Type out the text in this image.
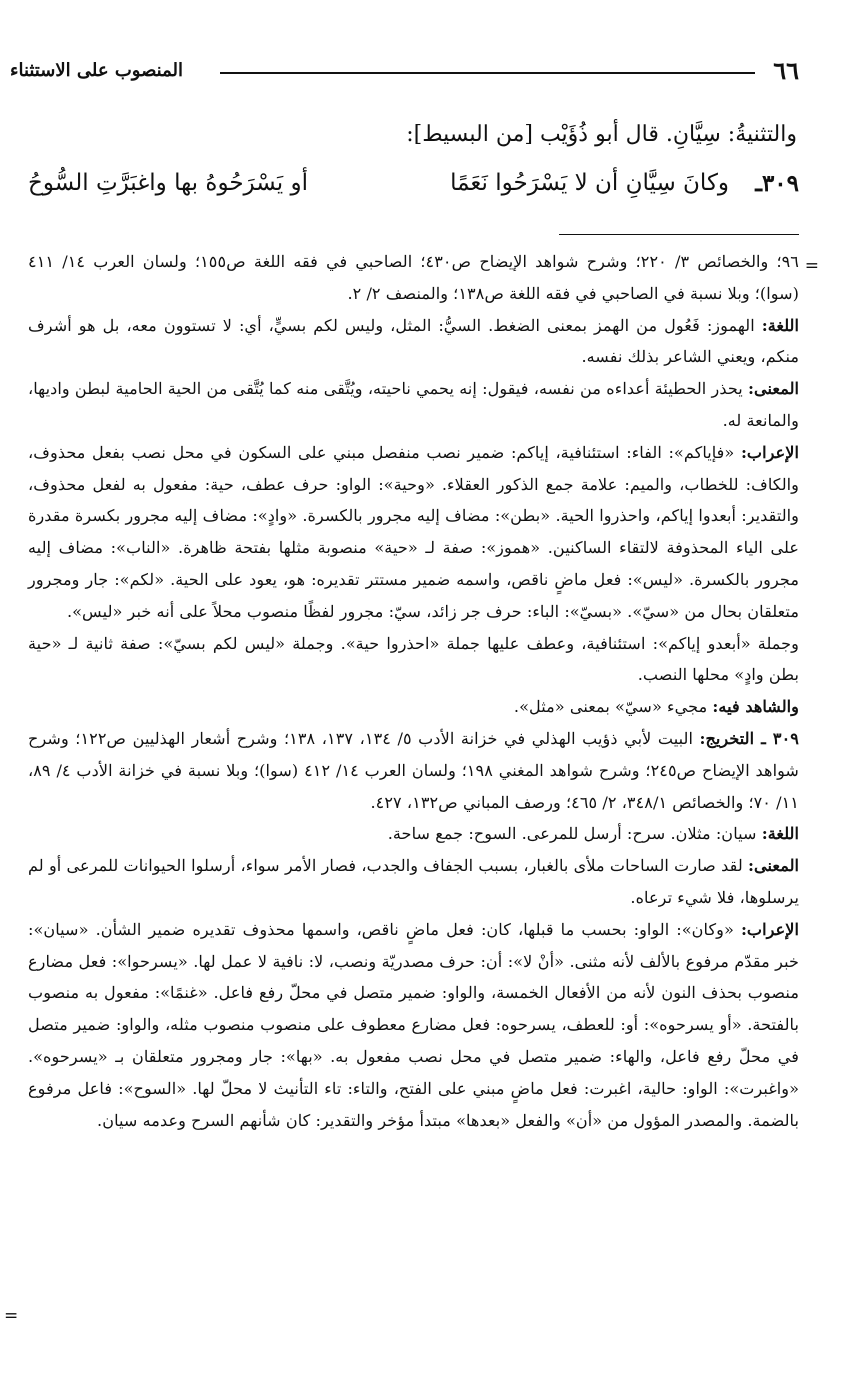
٦٦
المنصوب على الاستثناء
والتثنيةُ: سِيَّانِ. قال أبو ذُؤَيْب [من البسيط]:
٣٠٩ـ
وكانَ سِيَّانِ أن لا يَسْرَحُوا نَعَمًا
أو يَسْرَحُوهُ بها واغبَرَّتِ السُّوحُ
=
=

٩٦؛ والخصائص ٣/ ٢٢٠؛ وشرح شواهد الإيضاح ص٤٣٠؛ الصاحبي في فقه اللغة ص١٥٥؛ ولسان العرب ١٤/ ٤١١ (سوا)؛ وبلا نسبة في الصاحبي في فقه اللغة ص١٣٨؛ والمنصف ٢/ ٢.

اللغة: الهموز: فَعُول من الهمز بمعنى الضغط. السيُّ: المثل، وليس لكم بسيٍّ، أي: لا تستوون معه، بل هو أشرف منكم، ويعني الشاعر بذلك نفسه.

المعنى: يحذر الحطيئة أعداءه من نفسه، فيقول: إنه يحمي ناحيته، ويُتَّقى منه كما يُتَّقى من الحية الحامية لبطن واديها، والمانعة له.

الإعراب: «فإياكم»: الفاء: استئنافية، إياكم: ضمير نصب منفصل مبني على السكون في محل نصب بفعل محذوف، والكاف: للخطاب، والميم: علامة جمع الذكور العقلاء. «وحية»: الواو: حرف عطف، حية: مفعول به لفعل محذوف، والتقدير: أبعدوا إياكم، واحذروا الحية. «بطن»: مضاف إليه مجرور بالكسرة. «وادٍ»: مضاف إليه مجرور بكسرة مقدرة على الياء المحذوفة لالتقاء الساكنين. «هموز»: صفة لـ «حية» منصوبة مثلها بفتحة ظاهرة. «الناب»: مضاف إليه مجرور بالكسرة. «ليس»: فعل ماضٍ ناقص، واسمه ضمير مستتر تقديره: هو، يعود على الحية. «لكم»: جار ومجرور متعلقان بحال من «سيّ». «بسيّ»: الباء: حرف جر زائد، سيّ: مجرور لفظًا منصوب محلاً على أنه خبر «ليس».

وجملة «أبعدو إياكم»: استئنافية، وعطف عليها جملة «احذروا حية». وجملة «ليس لكم بسيّ»: صفة ثانية لـ «حية بطن وادٍ» محلها النصب.

والشاهد فيه: مجيء «سيّ» بمعنى «مثل».

٣٠٩ ـ التخريج: البيت لأبي ذؤيب الهذلي في خزانة الأدب ٥/ ١٣٤، ١٣٧، ١٣٨؛ وشرح أشعار الهذليين ص١٢٢؛ وشرح شواهد الإيضاح ص٢٤٥؛ وشرح شواهد المغني ١٩٨؛ ولسان العرب ١٤/ ٤١٢ (سوا)؛ وبلا نسبة في خزانة الأدب ٤/ ٨٩، ١١/ ٧٠؛ والخصائص ٣٤٨/١، ٢/ ٤٦٥؛ ورصف المباني ص١٣٢، ٤٢٧.

اللغة: سيان: مثلان. سرح: أرسل للمرعى. السوح: جمع ساحة.

المعنى: لقد صارت الساحات ملأى بالغبار، بسبب الجفاف والجدب، فصار الأمر سواء، أرسلوا الحيوانات للمرعى أو لم يرسلوها، فلا شيء ترعاه.

الإعراب: «وكان»: الواو: بحسب ما قبلها، كان: فعل ماضٍ ناقص، واسمها محذوف تقديره ضمير الشأن. «سيان»: خبر مقدّم مرفوع بالألف لأنه مثنى. «أنْ لا»: أن: حرف مصدريّة ونصب، لا: نافية لا عمل لها. «يسرحوا»: فعل مضارع منصوب بحذف النون لأنه من الأفعال الخمسة، والواو: ضمير متصل في محلّ رفع فاعل. «غنمًا»: مفعول به منصوب بالفتحة. «أو يسرحوه»: أو: للعطف، يسرحوه: فعل مضارع معطوف على منصوب منصوب مثله، والواو: ضمير متصل في محلّ رفع فاعل، والهاء: ضمير متصل في محل نصب مفعول به. «بها»: جار ومجرور متعلقان بـ «يسرحوه». «واغبرت»: الواو: حالية، اغبرت: فعل ماضٍ مبني على الفتح، والتاء: تاء التأنيث لا محلّ لها. «السوح»: فاعل مرفوع بالضمة. والمصدر المؤول من «أن» والفعل «بعدها» مبتدأ مؤخر والتقدير: كان شأنهم السرح وعدمه سيان.
